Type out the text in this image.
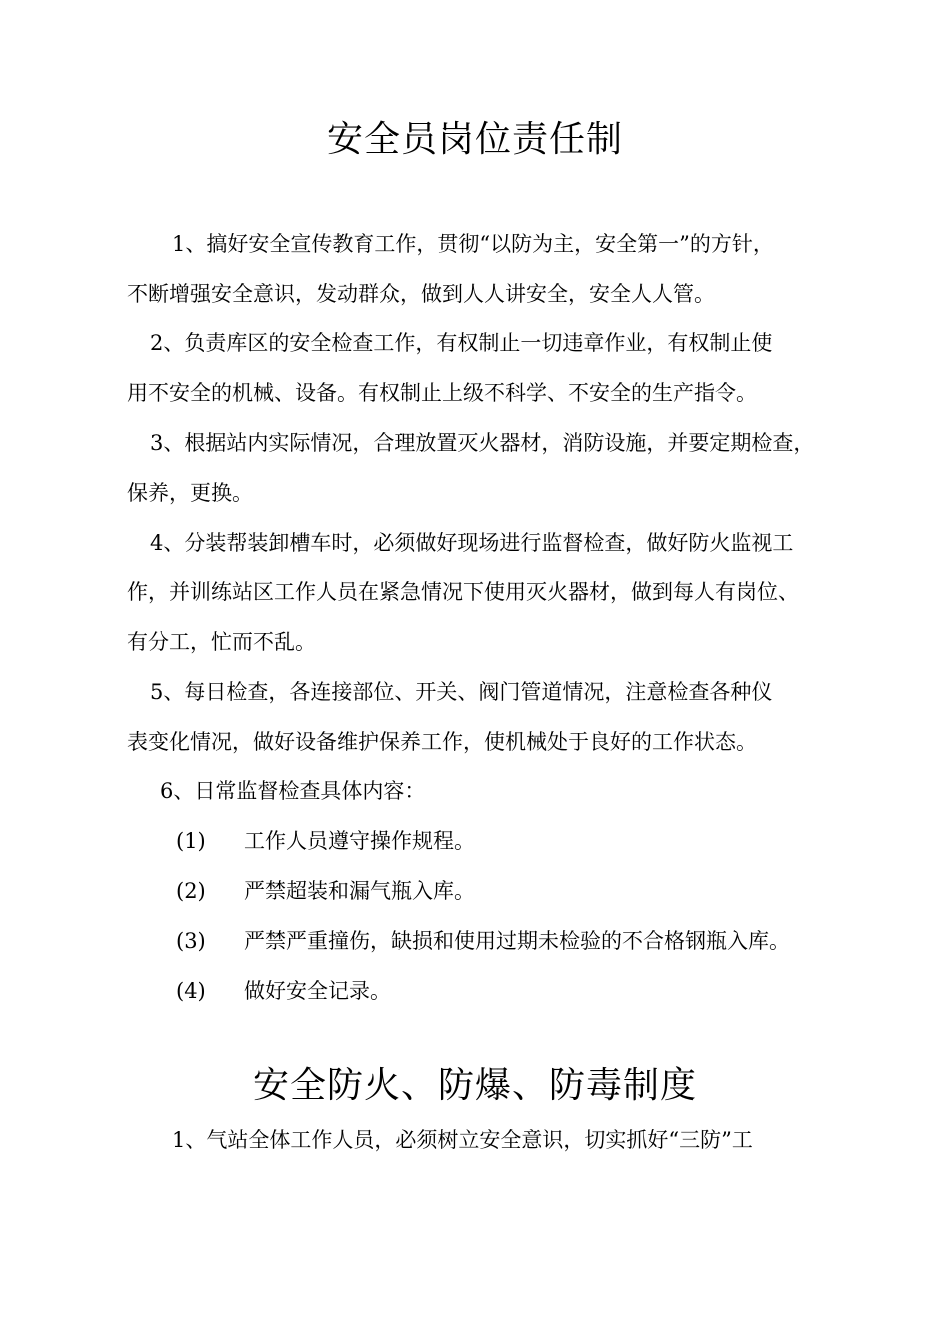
安全员岗位责任制
1、搞好安全宣传教育工作，贯彻“以防为主，安全第一”的方针，
不断增强安全意识，发动群众，做到人人讲安全，安全人人管。
2、负责库区的安全检查工作，有权制止一切违章作业，有权制止使
用不安全的机械、设备。有权制止上级不科学、不安全的生产指令。
3、根据站内实际情况，合理放置灭火器材，消防设施，并要定期检查，
保养，更换。
4、分装帮装卸槽车时，必须做好现场进行监督检查，做好防火监视工
作，并训练站区工作人员在紧急情况下使用灭火器材，做到每人有岗位、
有分工，忙而不乱。
5、每日检查，各连接部位、开关、阀门管道情况，注意检查各种仪
表变化情况，做好设备维护保养工作，使机械处于良好的工作状态。
6、日常监督检查具体内容：
(1) 工作人员遵守操作规程。
(2) 严禁超装和漏气瓶入库。
(3) 严禁严重撞伤，缺损和使用过期未检验的不合格钢瓶入库。
(4) 做好安全记录。
安全防火、防爆、防毒制度
1、气站全体工作人员，必须树立安全意识，切实抓好“三防”工
